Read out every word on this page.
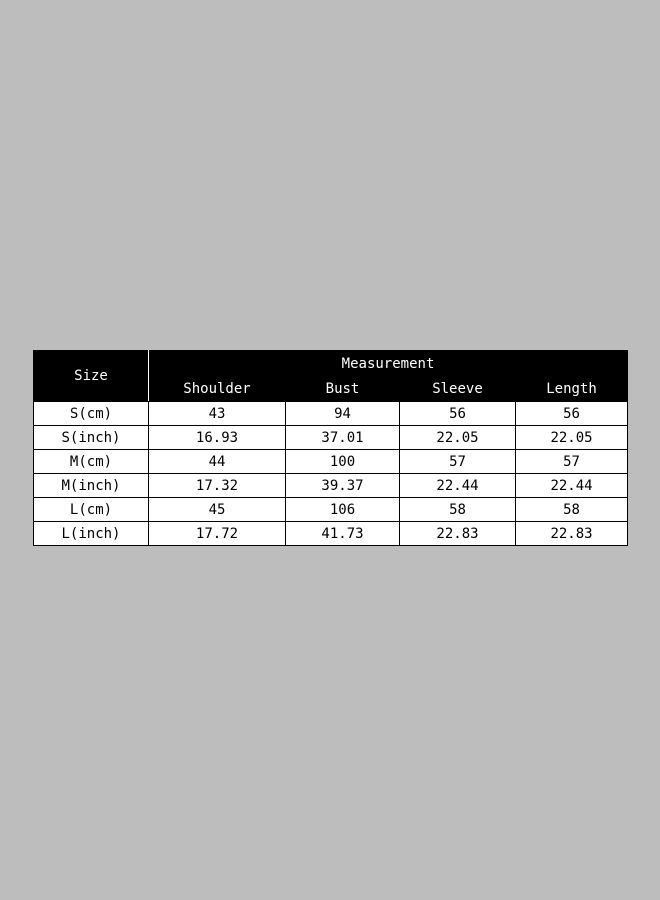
Size	Measurement			
	Shoulder	Bust	Sleeve	Length
S(cm)	43	94	56	56
S(inch)	16.93	37.01	22.05	22.05
M(cm)	44	100	57	57
M(inch)	17.32	39.37	22.44	22.44
L(cm)	45	106	58	58
L(inch)	17.72	41.73	22.83	22.83
